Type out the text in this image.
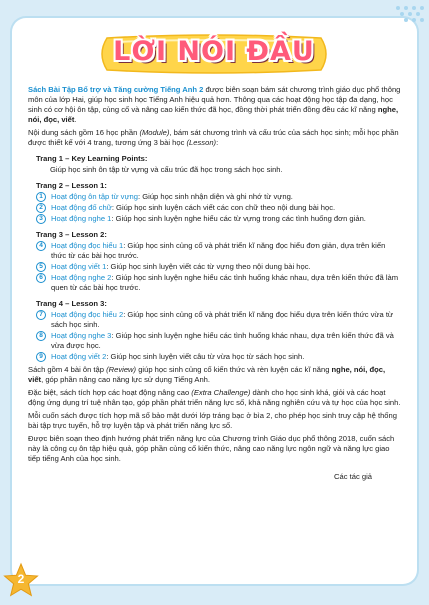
LỜI NÓI ĐẦU

Sách Bài Tập Bổ trợ và Tăng cường Tiếng Anh 2 được biên soạn bám sát chương trình giáo dục phổ thông môn của lớp Hai, giúp học sinh học Tiếng Anh hiệu quả hơn. Thông qua các hoạt động học tập đa dạng, học sinh có cơ hội ôn tập, củng cố và nâng cao kiến thức đã học, đồng thời phát triển đồng đều các kĩ năng nghe, nói, đọc, viết.

Nội dung sách gồm 16 học phần (Module), bám sát chương trình và cấu trúc của sách học sinh; mỗi học phần được thiết kế với 4 trang, tương ứng 3 bài học (Lesson):

Trang 1 – Key Learning Points:

Giúp học sinh ôn tập từ vựng và cấu trúc đã học trong sách học sinh.

Trang 2 – Lesson 1:
1	Hoạt động ôn tập từ vựng: Giúp học sinh nhận diện và ghi nhớ từ vựng.
2	Hoạt động đố chữ: Giúp học sinh luyện cách viết các con chữ theo nội dung bài học.
3	Hoạt động nghe 1: Giúp học sinh luyện nghe hiểu các từ vựng trong các tình huống đơn giản.
Trang 3 – Lesson 2:
4	Hoạt động đọc hiểu 1: Giúp học sinh củng cố và phát triển kĩ năng đọc hiểu đơn giản, dựa trên kiến thức từ các bài học trước.
5	Hoạt động viết 1: Giúp học sinh luyện viết các từ vựng theo nội dung bài học.
6	Hoạt động nghe 2: Giúp học sinh luyện nghe hiểu các tình huống khác nhau, dựa trên kiến thức đã làm quen từ các bài học trước.
Trang 4 – Lesson 3:
7	Hoạt động đọc hiểu 2: Giúp học sinh củng cố và phát triển kĩ năng đọc hiểu dựa trên kiến thức vừa từ sách học sinh.
8	Hoạt động nghe 3: Giúp học sinh luyện nghe hiểu các tình huống khác nhau, dựa trên kiến thức đã và vừa được học.
9	Hoạt động viết 2: Giúp học sinh luyện viết câu từ vừa học từ sách học sinh.

Sách gồm 4 bài ôn tập (Review) giúp học sinh củng cố kiến thức và rèn luyện các kĩ năng nghe, nói, đọc, viết, góp phần nâng cao năng lực sử dụng Tiếng Anh.

Đặc biệt, sách tích hợp các hoạt động nâng cao (Extra Challenge) dành cho học sinh khá, giỏi và các hoạt động ứng dụng trí tuệ nhân tạo, góp phần phát triển năng lực số, khả năng nghiên cứu và tự học của học sinh.

Mỗi cuốn sách được tích hợp mã số bảo mật dưới lớp tráng bạc ở bìa 2, cho phép học sinh truy cập hệ thống bài tập trực tuyến, hỗ trợ luyện tập và phát triển năng lực số.

Được biên soạn theo định hướng phát triển năng lực của Chương trình Giáo dục phổ thông 2018, cuốn sách này là công cụ ôn tập hiệu quả, góp phần củng cố kiến thức, nâng cao năng lực ngôn ngữ và năng lực giao tiếp tiếng Anh của học sinh.

Các tác giả

2
